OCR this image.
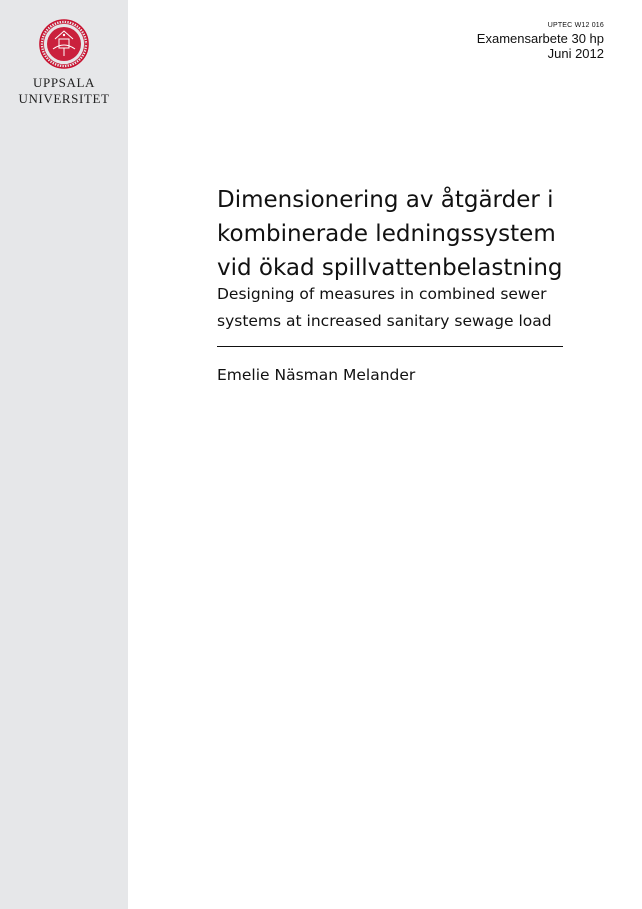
UPPSALA
UNIVERSITET
UPTEC W12 016
Examensarbete 30 hp
Juni 2012
Dimensionering av åtgärder i kombinerade ledningssystem vid ökad spillvattenbelastning

Designing of measures in combined sewer systems at increased sanitary sewage load

Emelie Näsman Melander
